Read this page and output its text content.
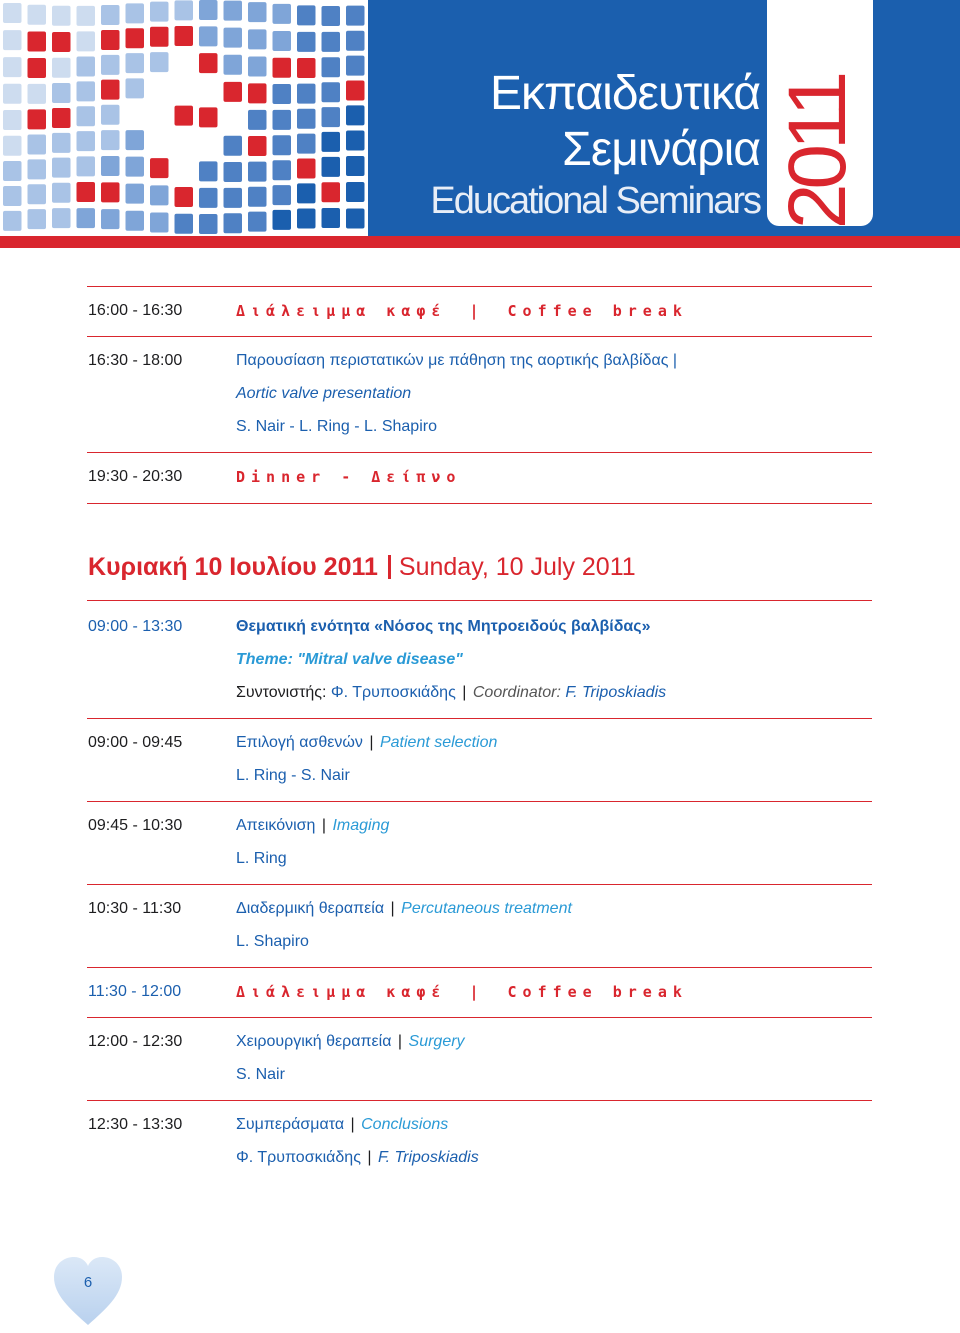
Εκπαιδευτικά
Σεμινάρια
Educational Seminars 2011
16:00 - 16:30	Διάλειμμα καφέ | Coffee break
16:30 - 18:00	Παρουσίαση περιστατικών με πάθηση της αορτικής βαλβίδας |
Aortic valve presentation
S. Nair - L. Ring - L. Shapiro
19:30 - 20:30	Dinner - Δείπνο
Κυριακή 10 Ιουλίου 2011 Sunday, 10 July 2011
09:00 - 13:30	Θεματική ενότητα «Νόσος της Μητροειδούς βαλβίδας»
Theme: "Mitral valve disease"
Συντονιστής: Φ. Τρυποσκιάδης | Coordinator: F. Triposkiadis
09:00 - 09:45	Επιλογή ασθενών | Patient selection
L. Ring - S. Nair
09:45 - 10:30	Απεικόνιση | Imaging
L. Ring
10:30 - 11:30	Διαδερμική θεραπεία | Percutaneous treatment
L. Shapiro
11:30 - 12:00	Διάλειμμα καφέ | Coffee break
12:00 - 12:30	Χειρουργική θεραπεία | Surgery
S. Nair
12:30 - 13:30	Συμπεράσματα | Conclusions
Φ. Τρυποσκιάδης | F. Triposkiadis
6
